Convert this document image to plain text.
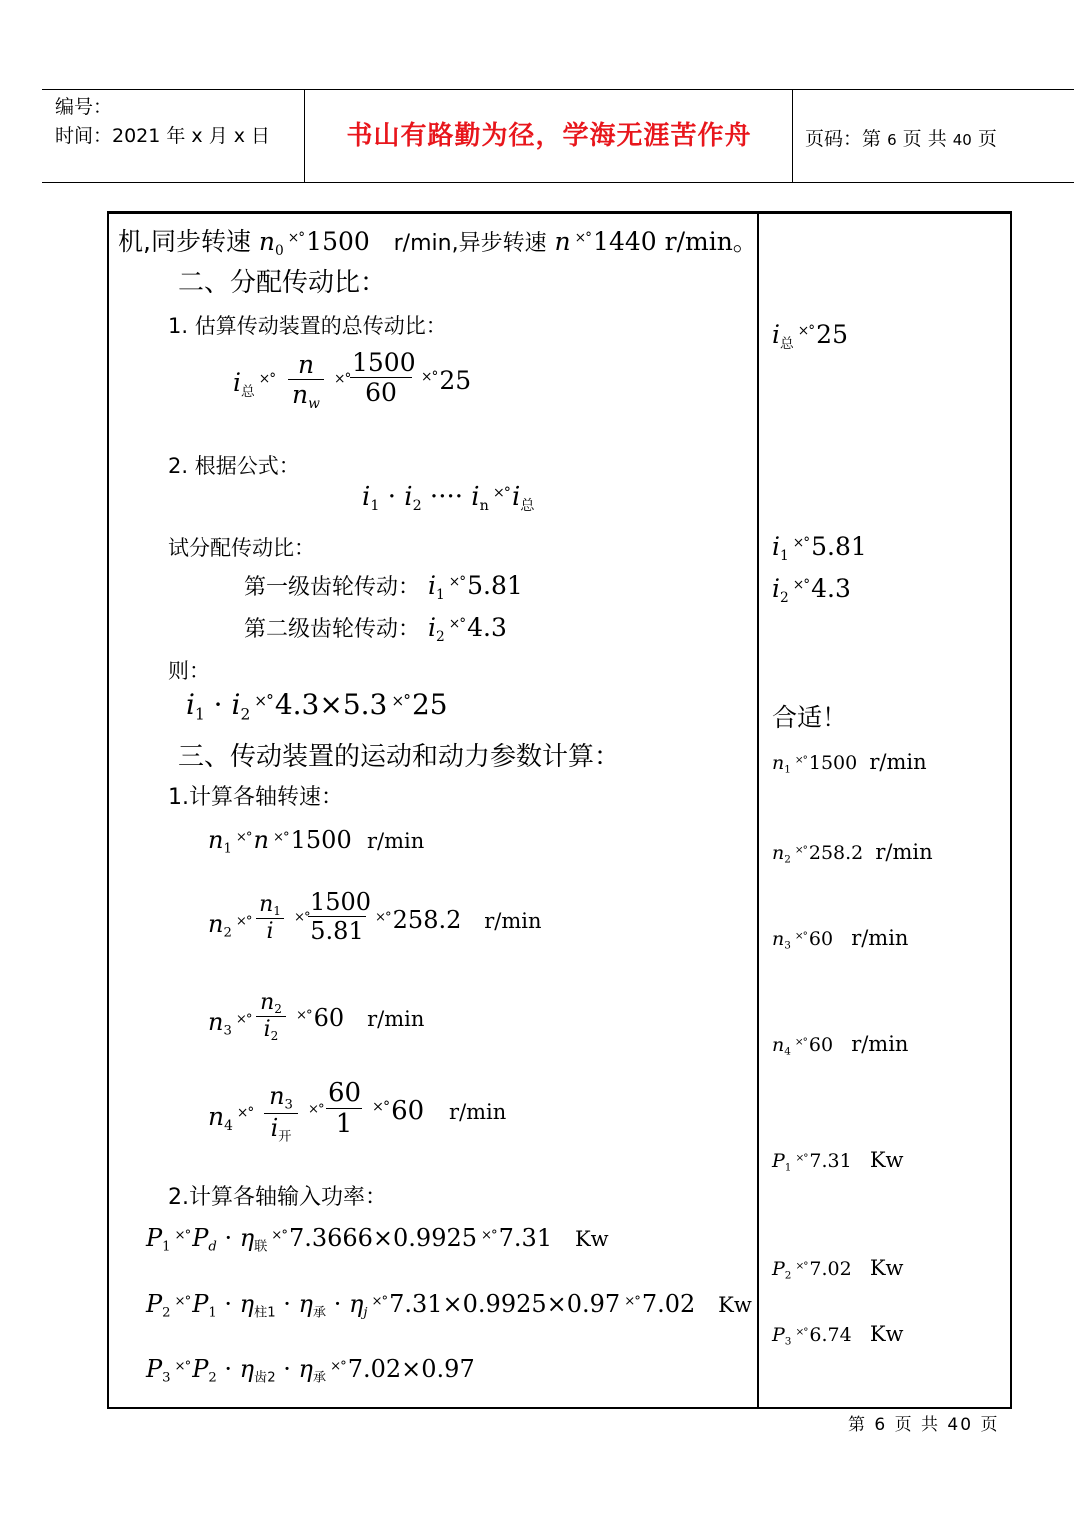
编号：
时间：2021 年 x 月 x 日	书山有路勤为径，学海无涯苦作舟	页码：第 6 页 共 40 页
机,同步转速 $n_0^{\times^\circ}1500$ r/min,异步转速 n ×°1440 r/min。
二、分配传动比：
1. 估算传动装置的总传动比：
$i_总^{\times^\circ} \frac{n}{n_w} ^{\times^\circ} \frac{1500}{60} ^{\times^\circ}25$
2. 根据公式：
$i_1 \cdot i_2$ ···· $i_n^{\times^\circ}i_总$
试分配传动比：
第一级齿轮传动： $i_1^{\times^\circ}5.81$
第二级齿轮传动： $i_2^{\times^\circ}4.3$
则：
$i_1 \cdot i_2^{\times^\circ}4.3\times 5.3$ ×°25
三、传动装置的运动和动力参数计算：
1.计算各轴转速：
$n_1^{\times^\circ}n$ ×°1500 r/min
$n_2^{\times^\circ} \frac{n_1}{i} ^{\times^\circ}$
$\frac{1500}{5.81} ^{\times^\circ}258.2$ r/min
$n_3^{\times^\circ} \frac{n_2}{i_2} ^{\times^\circ}60$ r/min
$n_4^{\times^\circ}$
$n_3$
$i_开$
$^{\times^\circ} \frac{60}{1} ^{\times^\circ}60$ r/min
2.计算各轴输入功率：
$P_1^{\times^\circ}P_d \cdot \eta_联^{\times^\circ}7.3666\times 0.9925$ ×°7.31 Kw
$P_2^{\times^\circ}P_1 \cdot \eta_{柱1} \cdot \eta_承 \cdot \eta_j^{\times^\circ}7.31\times 0.9925\times 0.97$ ×°7.02 Kw
$P_3^{\times^\circ}P_2 \cdot \eta_{齿2} \cdot \eta_承^{\times^\circ}7.02\times 0.97$
$i_总^{\times^\circ}25$
$i_1^{\times^\circ}5.81$
$i_2^{\times^\circ}4.3$
合适！
$n_1^{\times^\circ}$ 1500 r/min
$n_2^{\times^\circ}$ 258.2 r/min
$n_3^{\times^\circ}$ 60 r/min
$n_4^{\times^\circ}$ 60 r/min
$P_1^{\times^\circ}$ 7.31 Kw
$P_2^{\times^\circ}$ 7.02 Kw
$P_3^{\times^\circ}$ 6.74 Kw
第 6 页 共 40 页
